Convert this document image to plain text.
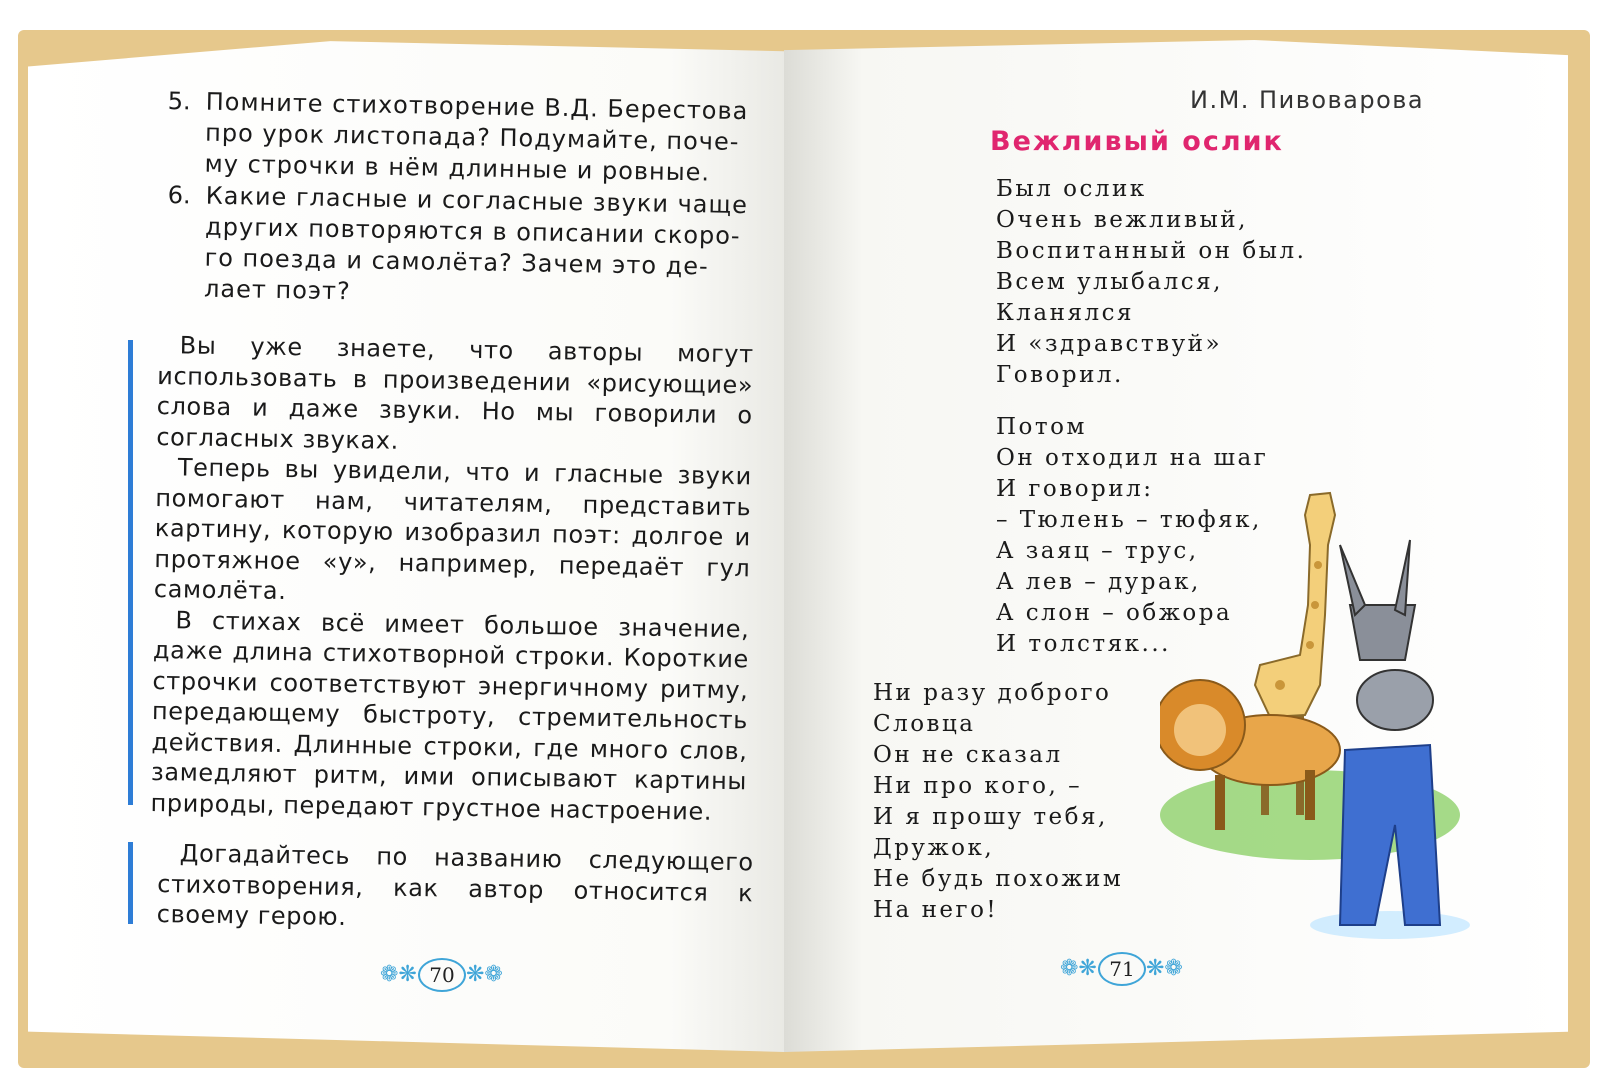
5. Помните стихотворение В.Д. Берестова
про урок листопада? Подумайте, поче-
му строчки в нём длинные и ровные.
6. Какие гласные и согласные звуки чаще
других повторяются в описании скоро-
го поезда и самолёта? Зачем это де-
лает поэт?
Вы уже знаете, что авторы могут использовать в произведении «рисующие» слова и даже звуки. Но мы говорили о согласных звуках.
Теперь вы увидели, что и гласные звуки помогают нам, читателям, представить картину, которую изобразил поэт: долгое и протяжное «у», например, передаёт гул самолёта.
В стихах всё имеет большое значение, даже длина стихотворной строки. Короткие строчки соответствуют энергичному ритму, передающему быстроту, стремительность действия. Длинные строки, где много слов, замедляют ритм, ими описывают картины природы, передают грустное настроение.
Догадайтесь по названию следующего стихотворения, как автор относится к своему герою.
❁❋ 70 ❋❁
И.М. Пивоварова
Вежливый ослик
Был ослик
Очень вежливый,
Воспитанный он был.
Всем улыбался,
Кланялся
И «здравствуй»
Говорил.
Потом
Он отходил на шаг
И говорил:
– Тюлень – тюфяк,
А заяц – трус,
А лев – дурак,
А слон – обжора
И толстяк...
Ни разу доброго
Словца
Он не сказал
Ни про кого, –
И я прошу тебя,
Дружок,
Не будь похожим
На него!
❁❋ 71 ❋❁
